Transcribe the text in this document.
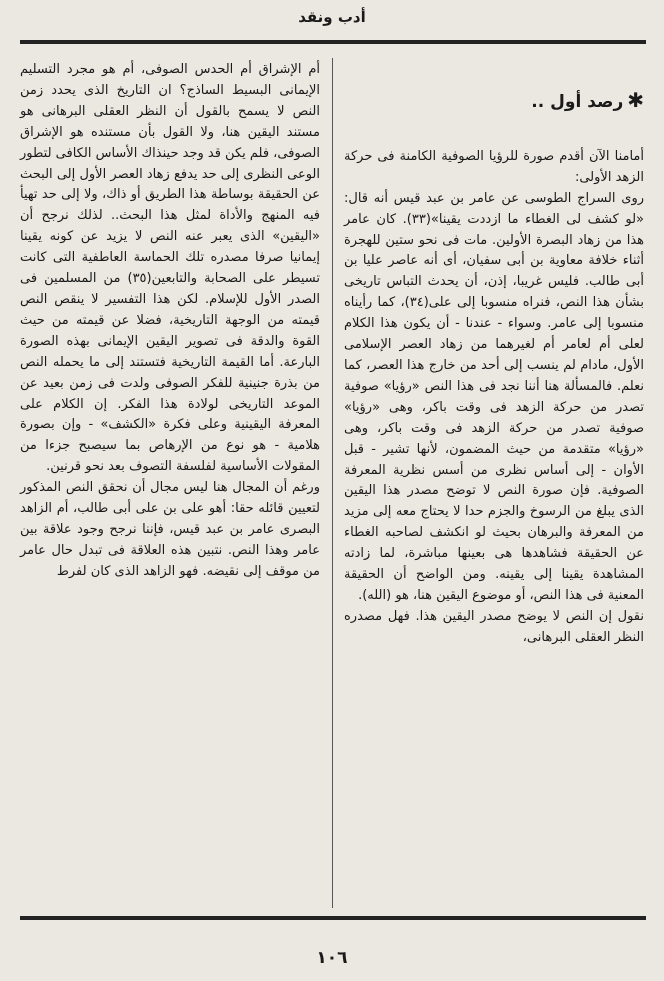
أدب ونقد

✱رصد أول ..

أمامنا الآن أقدم صورة للرؤيا الصوفية الكامنة فى حركة الزهد الأولى:

روى السراج الطوسى عن عامر بن عبد قيس أنه قال: «لو كشف لى الغطاء ما ازددت يقينا»(٣٣). كان عامر هذا من زهاد البصرة الأولين. مات فى نحو ستين للهجرة أثناء خلافة معاوية بن أبى سفيان، أى أنه عاصر عليا بن أبى طالب. فليس غريبا، إذن، أن يحدث التباس تاريخى بشأن هذا النص، فنراه منسوبا إلى على(٣٤)، كما رأيناه منسوبا إلى عامر. وسواء - عندنا - أن يكون هذا الكلام لعلى أم لعامر أم لغيرهما من زهاد العصر الإسلامى الأول، مادام لم ينسب إلى أحد من خارج هذا العصر، كما نعلم. فالمسألة هنا أننا نجد فى هذا النص «رؤيا» صوفية تصدر من حركة الزهد فى وقت باكر، وهى «رؤيا» صوفية تصدر من حركة الزهد فى وقت باكر، وهى «رؤيا» متقدمة من حيث المضمون، لأنها تشير - قبل الأوان - إلى أساس نظرى من أسس نظرية المعرفة الصوفية. فإن صورة النص لا توضح مصدر هذا اليقين الذى يبلغ من الرسوخ والجزم حدا لا يحتاج معه إلى مزيد من المعرفة والبرهان بحيث لو انكشف لصاحبه الغطاء عن الحقيقة فشاهدها هى بعينها مباشرة، لما زادته المشاهدة يقينا إلى يقينه. ومن الواضح أن الحقيقة المعنية فى هذا النص، أو موضوع اليقين هنا، هو (الله).

نقول إن النص لا يوضح مصدر اليقين هذا. فهل مصدره النظر العقلى البرهانى،

أم الإشراق أم الحدس الصوفى، أم هو مجرد التسليم الإيمانى البسيط الساذج؟ ان التاريخ الذى يحدد زمن النص لا يسمح بالقول أن النظر العقلى البرهانى هو مستند اليقين هنا، ولا القول بأن مستنده هو الإشراق الصوفى، فلم يكن قد وجد حينذاك الأساس الكافى لتطور الوعى النظرى إلى حد يدفع زهاد العصر الأول إلى البحث عن الحقيقة بوساطة هذا الطريق أو ذاك، ولا إلى حد تهيأ فيه المنهج والأداة لمثل هذا البحث.. لذلك نرجح أن «اليقين» الذى يعبر عنه النص لا يزيد عن كونه يقينا إيمانيا صرفا مصدره تلك الحماسة العاطفية التى كانت تسيطر على الصحابة والتابعين(٣٥) من المسلمين فى الصدر الأول للإسلام. لكن هذا التفسير لا ينقص النص قيمته من الوجهة التاريخية، فضلا عن قيمته من حيث القوة والدقة فى تصوير اليقين الإيمانى بهذه الصورة البارعة. أما القيمة التاريخية فتستند إلى ما يحمله النص من بذرة جنينية للفكر الصوفى ولدت فى زمن بعيد عن الموعد التاريخى لولادة هذا الفكر. إن الكلام على المعرفة اليقينية وعلى فكرة «الكشف» - وإن بصورة هلامية - هو نوع من الإرهاص بما سيصبح جزءا من المقولات الأساسية لفلسفة التصوف بعد نحو قرنين.

ورغم أن المجال هنا ليس مجال أن نحقق النص المذكور لتعيين قائله حقا: أهو على بن على أبى طالب، أم الزاهد البصرى عامر بن عبد قيس، فإننا نرجح وجود علاقة بين عامر وهذا النص. نتبين هذه العلاقة فى تبدل حال عامر من موقف إلى نقيضه. فهو الزاهد الذى كان لفرط

١٠٦
